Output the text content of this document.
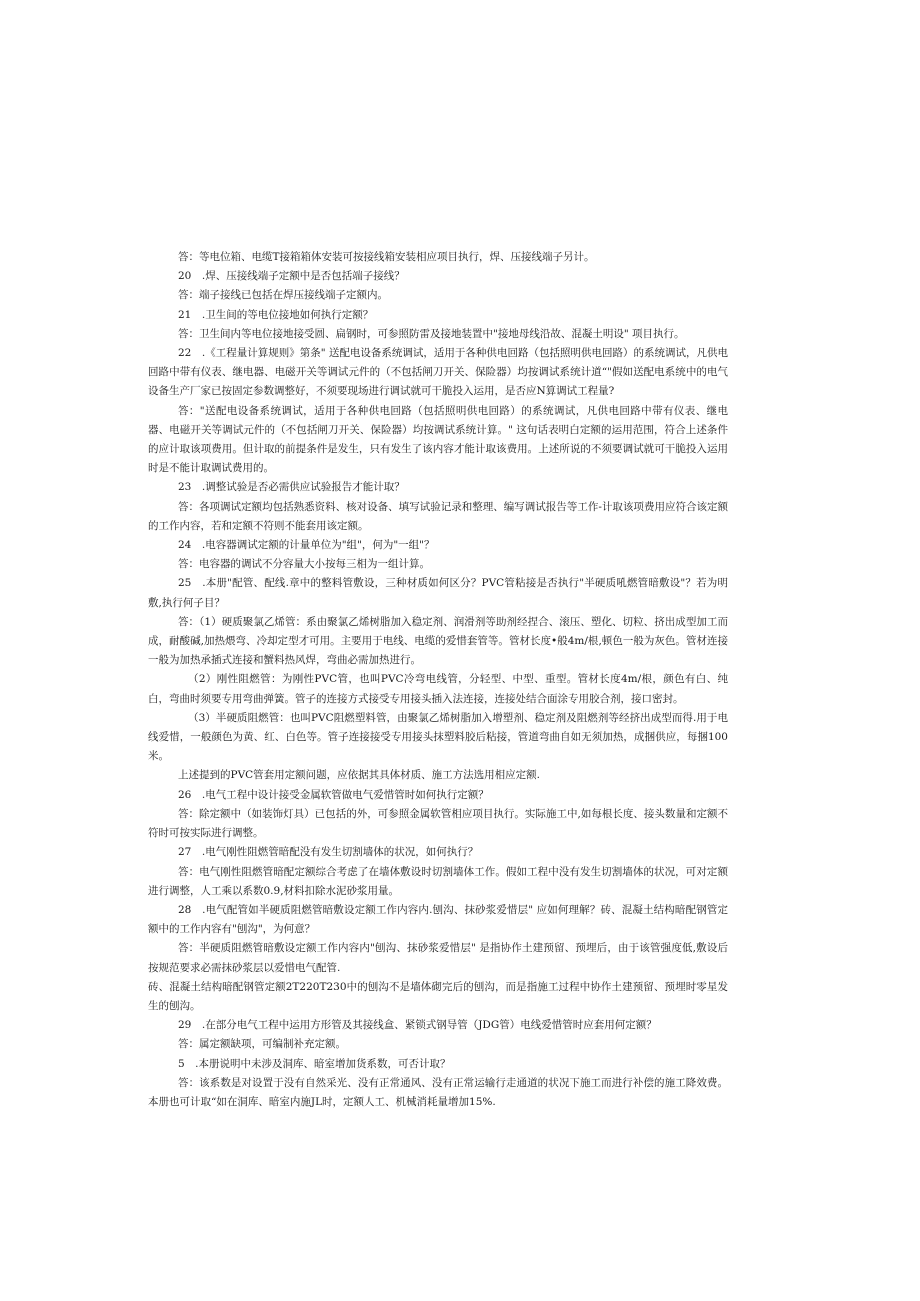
答：等电位箱、电缆T接箱箱体安装可按接线箱安装相应项目执行，焊、压接线端子另计。

20　.焊、压接线端子定额中是否包括端子接线？

答：端子接线已包括在焊压接线端子定额内。

21　.卫生间的等电位接地如何执行定额？

答：卫生间内等电位接地接受圆、扁钢时，可参照防雷及接地装置中"接地母线沿故、混凝土明设" 项目执行。

22　.《工程量计算规则》第条" 送配电设备系统调试，适用于各种供电回路（包括照明供电回路）的系统调试，凡供电回路中带有仪表、继电器、电磁开关等调试元件的（不包括闸刀开关、保险器）均按调试系统计道“"假如送配电系统中的电气设备生产厂家已按固定参数调整好，不须要现场进行调试就可干脆投入运用，是否应N算调试工程量?

答："送配电设备系统调试，适用于各种供电回路（包括照明供电回路）的系统调试，凡供电回路中带有仪表、继电器、电磁开关等调试元件的（不包括闸刀开关、保险器）均按调试系统计算。" 这句话表明白定额的运用范围，符合上述条件的应计取该项费用。但计取的前提条件是发生，只有发生了该内容才能计取该费用。上述所说的不须要调试就可干脆投入运用时是不能计取调试费用的。

23　.调整试验是否必需供应试验报告才能计取？

答：各项调试定额均包括熟悉资料、核对设备、填写试验记录和整理、编写调试报告等工作-计取该项费用应符合该定额的工作内容，若和定额不符则不能套用该定额。

24　.电容器调试定额的计量单位为"组"，何为"一组"？

答：电容器的调试不分容量大小按每三相为一组计算。

25　.本册"配管、配线.章中的整料管敷设，三种材质如何区分？PVC管粘接是否执行"半硬质吼燃管暗敷设"？若为明敷,执行何子目？

答：（1）硬质聚氯乙烯管：系由聚氯乙烯树脂加入稳定剂、润滑剂等助剂经捏合、滚压、塑化、切粒、挤出成型加工而成，耐酸碱,加热煨弯、冷却定型才可用。主要用于电线、电缆的爱惜套管等。管材长度•般4m/根,顿色一般为灰色。管材连接一般为加热承插式连接和蟹料热风焊，弯曲必需加热进行。

（2）刚性阻燃管：为刚性PVC管，也叫PVC冷弯电线管，分轻型、中型、重型。管材长度4m/根，颜色有白、纯白，弯曲时须要专用弯曲弹簧。管子的连接方式接受专用接头插入法连接，连接处结合面涂专用胶合剂，接口密封。

（3）半硬质阻燃管：也叫PVC阻燃塑料管，由聚氯乙烯树脂加入增塑剂、稳定剂及阻燃剂等经挤出成型而得.用于电线爱惜，一般颜色为黄、红、白色等。管子连接接受专用接头抹塑料胶后粘接，管道弯曲自如无须加热，成捆供应，每捆100米。

上述提到的PVC管套用定额问题，应依据其具体材质、施工方法选用相应定额.

26　.电气工程中设计接受金属软管做电气爱惜管时如何执行定额？

答：除定额中（如装饰灯具）已包括的外，可参照金属软管相应项目执行。实际施工中,如每根长度、接头数量和定额不符时可按实际进行调整。

27　.电气刚性阻燃管暗配没有发生切割墙体的状况，如何执行？

答：电气刚性阻燃管暗配定额综合考虑了在墙体敷设时切割墙体工作。假如工程中没有发生切割墙体的状况，可对定额进行调整，人工乘以系数0.9,材料扣除水泥砂浆用量。

28　.电气配管如半硬质阻燃管暗敷设定额工作内容内.刨沟、抹砂浆爱惜层" 应如何理解？砖、混凝土结构暗配钢管定额中的工作内容有"刨沟"，为何意？

答：半硬质阻燃管暗敷设定额工作内容内"刨沟、抹砂浆爱惜层" 是指协作土建预留、预埋后，由于该管强度低,敷设后按规范要求必需抹砂浆层以爱惜电气配管.

砖、混凝土结构暗配钢管定额2T220T230中的刨沟不是墙体砌完后的刨沟，而是指施工过程中协作土建预留、预埋时零星发生的刨沟。

29　.在部分电气工程中运用方形管及其接线盒、紧锁式钢导管（JDG管）电线爱惜管时应套用何定额？

答：属定额缺项，可编制补充定额。

5　.本册说明中未涉及洞库、暗室增加货系数，可否计取？

答：该系数是对设置于没有自然采光、没有正常通风、没有正常运输行走通道的状况下施工而进行补偿的施工降效费。本册也可计取“如在洞库、暗室内施JL时，定额人工、机械消耗量增加15%.
